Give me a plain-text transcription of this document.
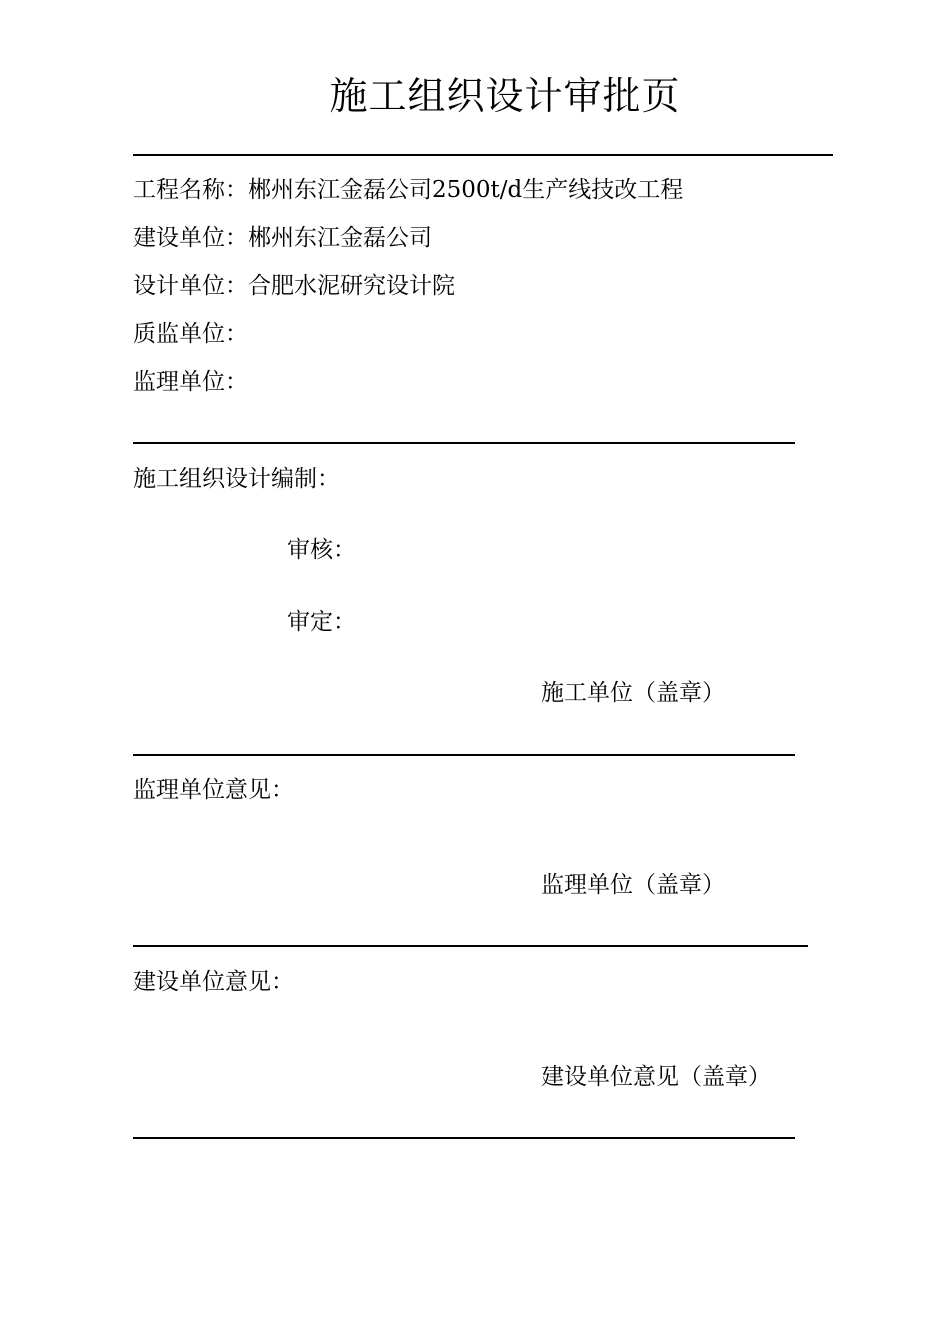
施工组织设计审批页
工程名称：郴州东江金磊公司2500t/d生产线技改工程
建设单位：郴州东江金磊公司
设计单位：合肥水泥研究设计院
质监单位：
监理单位：
施工组织设计编制：
审核：
审定：
施工单位（盖章）
监理单位意见：
监理单位（盖章）
建设单位意见：
建设单位意见（盖章）
